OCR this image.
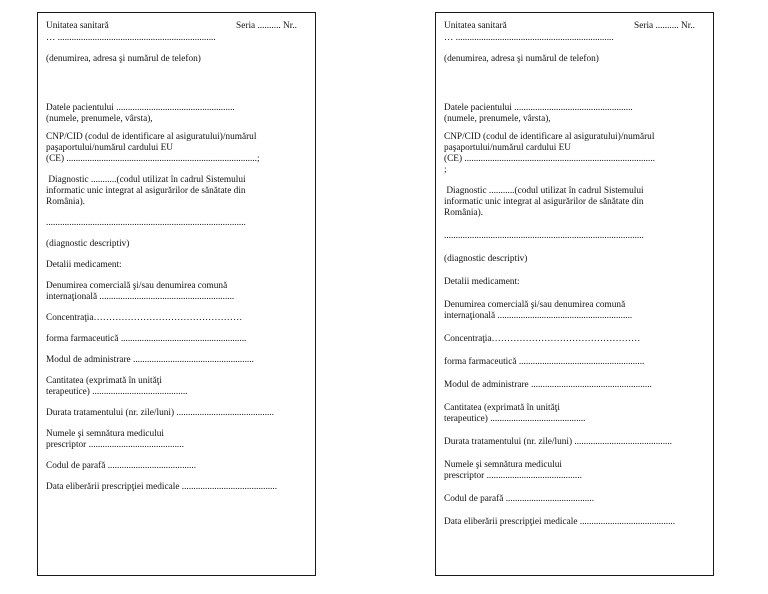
Unitatea sanitară	Seria .......... Nr..

… ....................................................................

(denumirea, adresa şi numărul de telefon)

Datele pacientului ...................................................

(numele, prenumele, vârsta),

CNP/CID (codul de identificare al asiguratului)/numărul

paşaportului/numărul cardului EU

(CE) ..................................................................................;

Diagnostic ...........(codul utilizat în cadrul Sistemului

informatic unic integrat al asigurărilor de sănătate din

România).

......................................................................................

(diagnostic descriptiv)

Detalii medicament:

Denumirea comercială şi/sau denumirea comună

internaţională ..........................................................

Concentraţia…………………………………………

forma farmaceutică ......................................................

Modul de administrare ....................................................

Cantitatea (exprimată în unităţi

terapeutice) .........................................

Durata tratamentului (nr. zile/luni) ..........................................

Numele şi semnătura medicului

prescriptor .........................................

Codul de parafă ......................................

Data eliberării prescripţiei medicale .........................................

Unitatea sanitară	Seria .......... Nr..

… ....................................................................

(denumirea, adresa şi numărul de telefon)

Datele pacientului ...................................................

(numele, prenumele, vârsta),

CNP/CID (codul de identificare al asiguratului)/numărul

paşaportului/numărul cardului EU

(CE) ..................................................................................

;

Diagnostic ...........(codul utilizat în cadrul Sistemului

informatic unic integrat al asigurărilor de sănătate din

România).

......................................................................................

(diagnostic descriptiv)

Detalii medicament:

Denumirea comercială şi/sau denumirea comună

internaţională ..........................................................

Concentraţia…………………………………………

forma farmaceutică ......................................................

Modul de administrare ....................................................

Cantitatea (exprimată în unităţi

terapeutice) .........................................

Durata tratamentului (nr. zile/luni) ..........................................

Numele şi semnătura medicului

prescriptor .........................................

Codul de parafă ......................................

Data eliberării prescripţiei medicale .........................................
